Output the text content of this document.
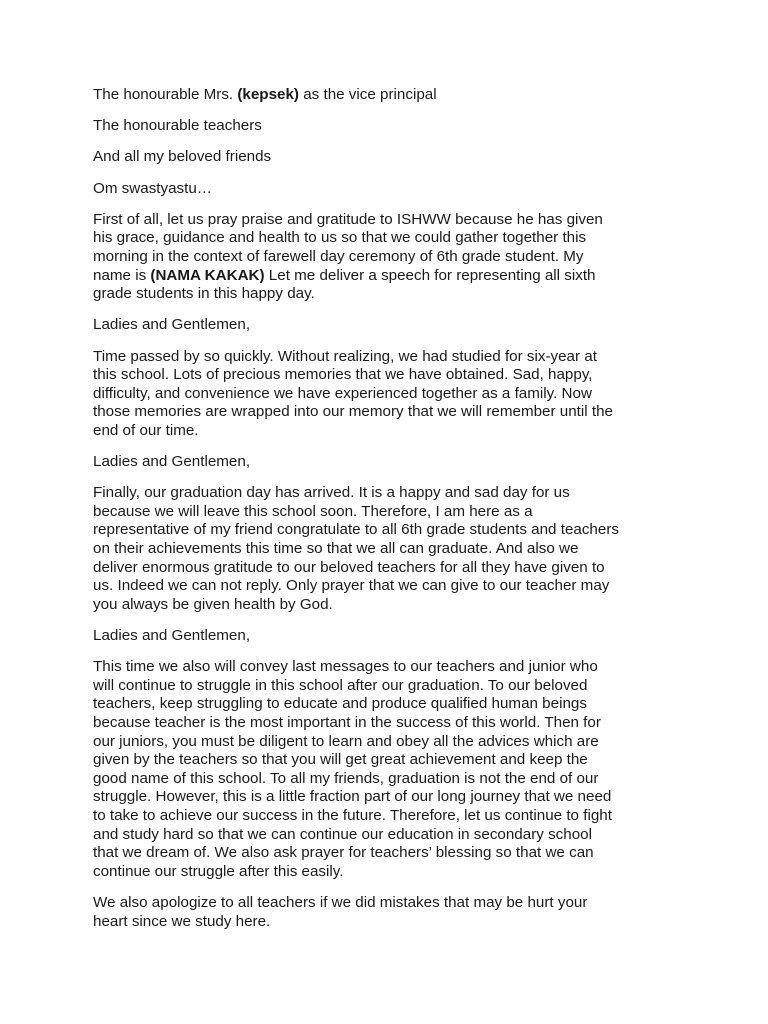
The honourable Mrs. (kepsek) as the vice principal

The honourable teachers

And all my beloved friends

Om swastyastu…

First of all, let us pray praise and gratitude to ISHWW because he has given
his grace, guidance and health to us so that we could gather together this
morning in the context of farewell day ceremony of 6th grade student. My
name is (NAMA KAKAK) Let me deliver a speech for representing all sixth
grade students in this happy day.

Ladies and Gentlemen,

Time passed by so quickly. Without realizing, we had studied for six-year at
this school. Lots of precious memories that we have obtained. Sad, happy,
difficulty, and convenience we have experienced together as a family. Now
those memories are wrapped into our memory that we will remember until the
end of our time.

Ladies and Gentlemen,

Finally, our graduation day has arrived. It is a happy and sad day for us
because we will leave this school soon. Therefore, I am here as a
representative of my friend congratulate to all 6th grade students and teachers
on their achievements this time so that we all can graduate. And also we
deliver enormous gratitude to our beloved teachers for all they have given to
us. Indeed we can not reply. Only prayer that we can give to our teacher may
you always be given health by God.

Ladies and Gentlemen,

This time we also will convey last messages to our teachers and junior who
will continue to struggle in this school after our graduation. To our beloved
teachers, keep struggling to educate and produce qualified human beings
because teacher is the most important in the success of this world. Then for
our juniors, you must be diligent to learn and obey all the advices which are
given by the teachers so that you will get great achievement and keep the
good name of this school. To all my friends, graduation is not the end of our
struggle. However, this is a little fraction part of our long journey that we need
to take to achieve our success in the future. Therefore, let us continue to fight
and study hard so that we can continue our education in secondary school
that we dream of. We also ask prayer for teachers’ blessing so that we can
continue our struggle after this easily.

We also apologize to all teachers if we did mistakes that may be hurt your
heart since we study here.
